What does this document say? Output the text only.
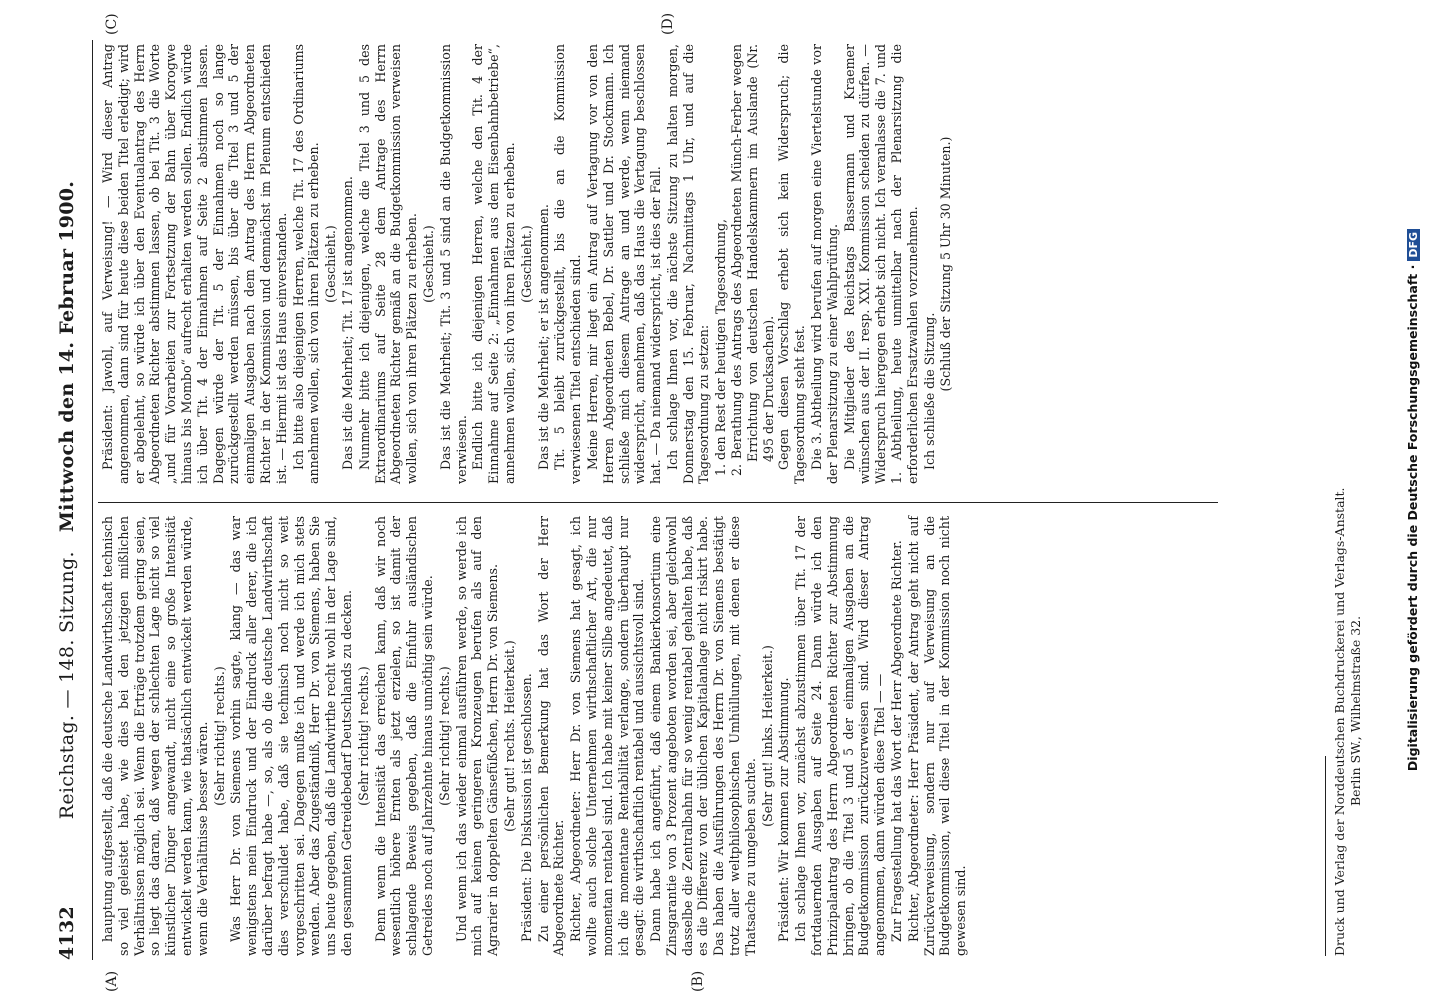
4132
Reichstag. — 148. Sitzung.   Mittwoch den 14. Februar 1900.
(A)	(B)
(C)	(D)

hauptung aufgestellt, daß die deutsche Landwirthschaft technisch so viel geleistet habe, wie dies bei den jetzigen mißlichen Verhältnissen möglich sei. Wenn die Erträge trotzdem gering seien, so liegt das daran, daß wegen der schlechten Lage nicht so viel künstlicher Dünger angewandt, nicht eine so große Intensität entwickelt werden kann, wie thatsächlich entwickelt werden würde, wenn die Verhältnisse besser wären. (Sehr richtig! rechts.) Was Herr Dr. von Siemens vorhin sagte, klang — das war wenigstens mein Eindruck und der Eindruck aller derer, die ich darüber befragt habe —, so, als ob die deutsche Landwirthschaft dies verschuldet habe, daß sie technisch noch nicht so weit vorgeschritten sei. Dagegen mußte ich und werde ich mich stets wenden. Aber das Zugeständniß, Herr Dr. von Siemens, haben Sie uns heute gegeben, daß die Landwirthe recht wohl in der Lage sind, den gesammten Getreidebedarf Deutschlands zu decken. (Sehr richtig! rechts.) Denn wenn die Intensität das erreichen kann, daß wir noch wesentlich höhere Ernten als jetzt erzielen, so ist damit der schlagende Beweis gegeben, daß die Einfuhr ausländischen Getreides noch auf Jahrzehnte hinaus unnöthig sein würde. (Sehr richtig! rechts.) Und wenn ich das wieder einmal ausführen werde, so werde ich mich auf keinen geringeren Kronzeugen berufen als auf den Agrarier in doppelten Gänsefüßchen, Herrn Dr. von Siemens. (Sehr gut! rechts. Heiterkeit.) Präsident: Die Diskussion ist geschlossen. Zu einer persönlichen Bemerkung hat das Wort der Herr Abgeordnete Richter. Richter, Abgeordneter: Herr Dr. von Siemens hat gesagt, ich wollte auch solche Unternehmen wirthschaftlicher Art, die nur momentan rentabel sind. Ich habe mit keiner Silbe angedeutet, daß ich die momentane Rentabilität verlange, sondern überhaupt nur gesagt: die wirthschaftlich rentabel und aussichtsvoll sind. Dann habe ich angeführt, daß einem Bankierkonsortium eine Zinsgarantie von 3 Prozent angeboten worden sei, aber gleichwohl dasselbe die Zentralbahn für so wenig rentabel gehalten habe, daß es die Differenz von der üblichen Kapitalanlage nicht riskirt habe. Das haben die Ausführungen des Herrn Dr. von Siemens bestätigt trotz aller weltphilosophischen Umhüllungen, mit denen er diese Thatsache zu umgeben suchte.

(Sehr gut! links. Heiterkeit.) Präsident: Wir kommen zur Abstimmung. Ich schlage Ihnen vor, zunächst abzustimmen über Tit. 17 der fortdauernden Ausgaben auf Seite 24. Dann würde ich den Prinzipalantrag des Herrn Abgeordneten Richter zur Abstimmung bringen, ob die Titel 3 und 5 der einmaligen Ausgaben an die Budgetkommission zurückzuverweisen sind. Wird dieser Antrag angenommen, dann würden diese Titel — — Zur Fragestellung hat das Wort der Herr Abgeordnete Richter. Richter, Abgeordneter: Herr Präsident, der Antrag geht nicht auf Zurückverweisung, sondern nur auf Verweisung an die Budgetkommission, weil diese Titel in der Kommission noch nicht gewesen sind.

Präsident: Jawohl, auf Verweisung! — Wird dieser Antrag angenommen, dann sind für heute diese beiden Titel erledigt; wird er abgelehnt, so würde ich über den Eventualantrag des Herrn Abgeordneten Richter abstimmen lassen, ob bei Tit. 3 die Worte „und für Vorarbeiten zur Fortsetzung der Bahn über Korogwe hinaus bis Mombo“ aufrecht erhalten werden sollen. Endlich würde ich über Tit. 4 der Einnahmen auf Seite 2 abstimmen lassen. Dagegen würde der Tit. 5 der Einnahmen noch so lange zurückgestellt werden müssen, bis über die Titel 3 und 5 der einmaligen Ausgaben nach dem Antrag des Herrn Abgeordneten Richter in der Kommission und demnächst im Plenum entschieden ist. — Hiermit ist das Haus einverstanden. Ich bitte also diejenigen Herren, welche Tit. 17 des Ordinariums annehmen wollen, sich von ihren Plätzen zu erheben. (Geschieht.) Das ist die Mehrheit; Tit. 17 ist angenommen. Nunmehr bitte ich diejenigen, welche die Titel 3 und 5 des Extraordinariums auf Seite 28 dem Antrage des Herrn Abgeordneten Richter gemäß an die Budgetkommission verweisen wollen, sich von ihren Plätzen zu erheben. (Geschieht.) Das ist die Mehrheit; Tit. 3 und 5 sind an die Budgetkommission verwiesen. Endlich bitte ich diejenigen Herren, welche den Tit. 4 der Einnahme auf Seite 2: „Einnahmen aus dem Eisenbahnbetriebe“, annehmen wollen, sich von ihren Plätzen zu erheben. (Geschieht.) Das ist die Mehrheit; er ist angenommen. Tit. 5 bleibt zurückgestellt, bis die an die Kommission verwiesenen Titel entschieden sind. Meine Herren, mir liegt ein Antrag auf Vertagung vor von den Herren Abgeordneten Bebel, Dr. Sattler und Dr. Stockmann. Ich schließe mich diesem Antrage an und werde, wenn niemand widerspricht, annehmen, daß das Haus die Vertagung beschlossen hat. — Da niemand widerspricht, ist dies der Fall. Ich schlage Ihnen vor, die nächste Sitzung zu halten morgen, Donnerstag den 15. Februar, Nachmittags 1 Uhr, und auf die Tagesordnung zu setzen: 1. den Rest der heutigen Tagesordnung, 2. Berathung des Antrags des Abgeordneten Münch-Ferber wegen Errichtung von deutschen Handelskammern im Auslande (Nr. 495 der Drucksachen). Gegen diesen Vorschlag erhebt sich kein Widerspruch; die Tagesordnung steht fest. Die 3. Abtheilung wird berufen auf morgen eine Viertelstunde vor der Plenarsitzung zu einer Wahlprüfung. Die Mitglieder des Reichstags Bassermann und Kraemer wünschen aus der II. resp. XXI. Kommission scheiden zu dürfen. — Widerspruch hiergegen erhebt sich nicht. Ich veranlasse die 7. und 1. Abtheilung, heute unmittelbar nach der Plenarsitzung die erforderlichen Ersatzwahlen vorzunehmen. Ich schließe die Sitzung. (Schluß der Sitzung 5 Uhr 30 Minuten.)

Druck und Verlag der Norddeutschen Buchdruckerei und Verlags-Anstalt. Berlin SW., Wilhelmstraße 32.	Digitalisierung gefördert durch die Deutsche Forschungsgemeinschaft ·DFG
